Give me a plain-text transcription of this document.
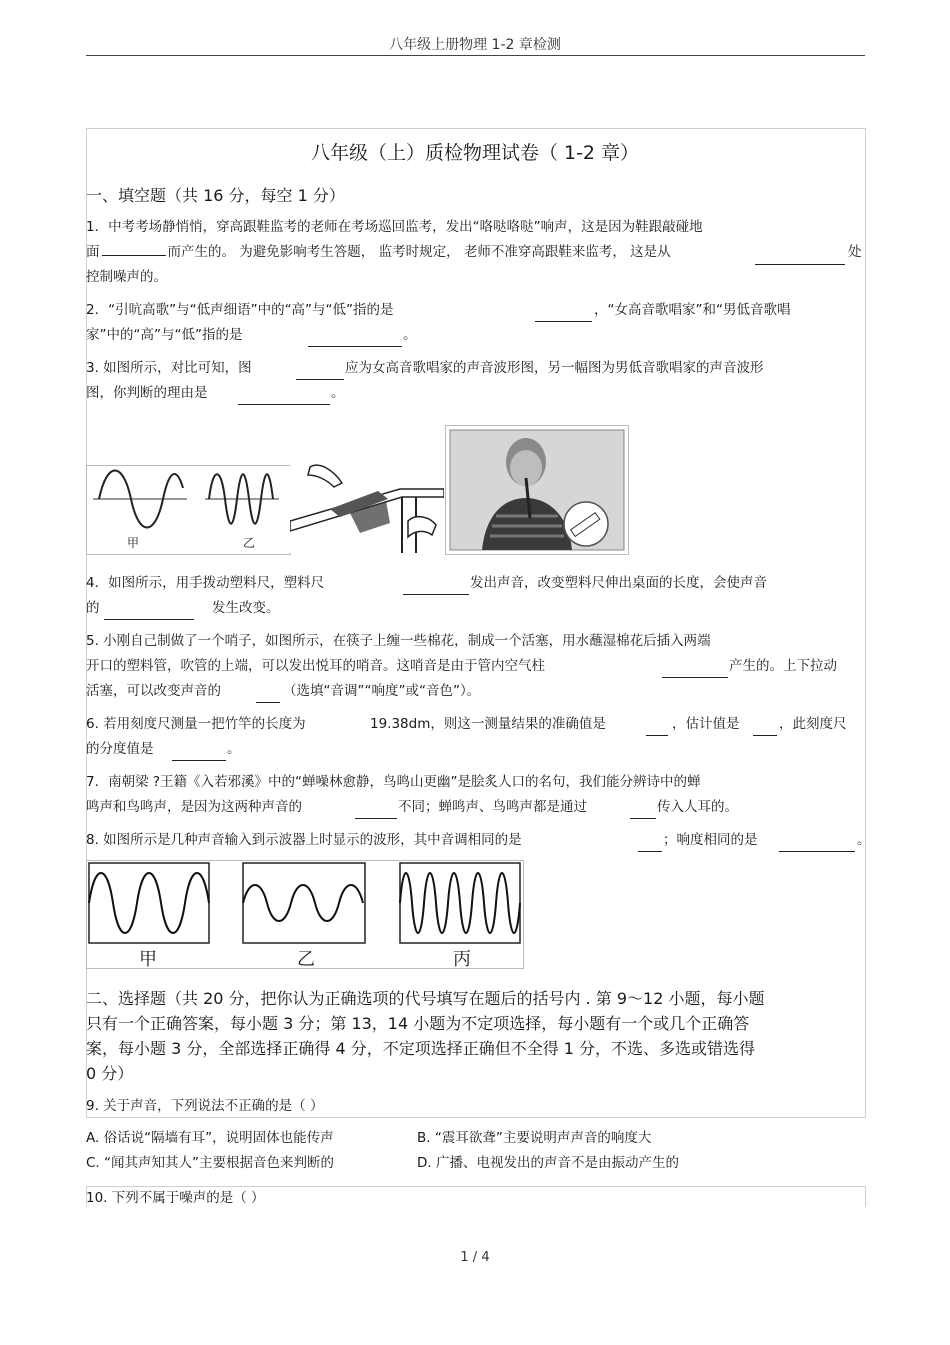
八年级上册物理 1-2 章检测
八年级（上）质检物理试卷（ 1-2 章）
一、填空题（共 16 分，每空 1 分）
1．中考考场静悄悄，穿高跟鞋监考的老师在考场巡回监考，发出“咯哒咯哒”响声，这是因为鞋跟敲碰地
面	而产生的。 为避免影响考生答题， 监考时规定， 老师不准穿高跟鞋来监考， 这是从	处
控制噪声的。
2．“引吭高歌”与“低声细语”中的“高”与“低”指的是	，“女高音歌唱家”和“男低音歌唱
家”中的“高”与“低”指的是	。
3. 如图所示，对比可知，图	应为女高音歌唱家的声音波形图，另一幅图为男低音歌唱家的声音波形
图，你判断的理由是	。
甲	乙
4．如图所示，用手拨动塑料尺，塑料尺	发出声音，改变塑料尺伸出桌面的长度，会使声音
的	发生改变。
5. 小刚自己制做了一个哨子，如图所示，在筷子上缠一些棉花，制成一个活塞，用水蘸湿棉花后插入两端
开口的塑料管，吹管的上端，可以发出悦耳的哨音。这哨音是由于管内空气柱	产生的。上下拉动
活塞，可以改变声音的	（选填“音调”“响度”或“音色”）。
6. 若用刻度尺测量一把竹竿的长度为	19.38dm，则这一测量结果的准确值是	，估计值是	，此刻度尺
的分度值是	。
7．南朝梁 ?王籍《入若邪溪》中的“蝉噪林愈静，鸟鸣山更幽”是脍炙人口的名句，我们能分辨诗中的蝉
鸣声和鸟鸣声，是因为这两种声音的	不同；蝉鸣声、鸟鸣声都是通过	传入人耳的。
8. 如图所示是几种声音输入到示波器上时显示的波形，其中音调相同的是	；响度相同的是	。
甲	乙	丙
二、选择题（共 20 分，把你认为正确选项的代号填写在题后的括号内 . 第 9～12 小题，每小题
只有一个正确答案，每小题 3 分；第 13，14 小题为不定项选择，每小题有一个或几个正确答
案，每小题 3 分，全部选择正确得 4 分，不定项选择正确但不全得 1 分，不选、多选或错选得
0 分）
9. 关于声音，下列说法不正确的是（ ）
A. 俗话说“隔墙有耳”，说明固体也能传声	B. “震耳欲聋”主要说明声声音的响度大
C. “闻其声知其人”主要根据音色来判断的	D. 广播、电视发出的声音不是由振动产生的
10. 下列不属于噪声的是（ ）
1 / 4
